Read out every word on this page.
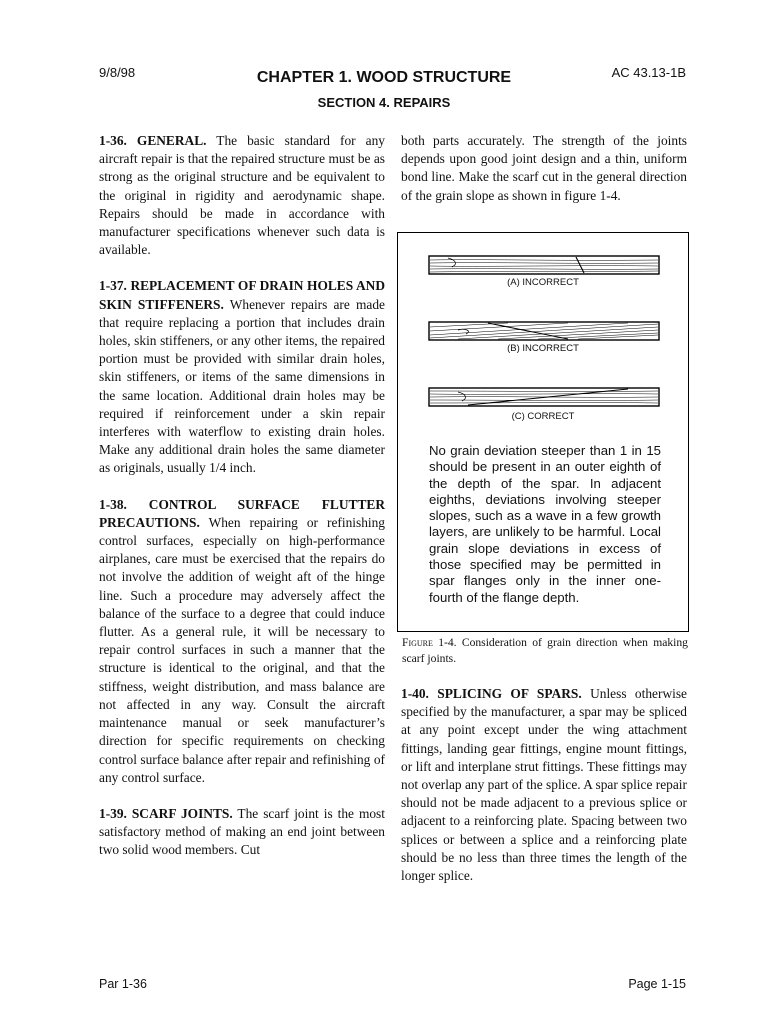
9/8/98	CHAPTER 1. WOOD STRUCTURE	AC 43.13-1B
SECTION 4. REPAIRS

1-36. GENERAL. The basic standard for any aircraft repair is that the repaired structure must be as strong as the original structure and be equivalent to the original in rigidity and aerodynamic shape. Repairs should be made in accordance with manufacturer specifications whenever such data is available.

1-37. REPLACEMENT OF DRAIN HOLES AND SKIN STIFFENERS. Whenever repairs are made that require replacing a portion that includes drain holes, skin stiffeners, or any other items, the repaired portion must be provided with similar drain holes, skin stiffeners, or items of the same dimensions in the same location. Additional drain holes may be required if reinforcement under a skin repair interferes with waterflow to existing drain holes. Make any additional drain holes the same diameter as originals, usually 1/4 inch.

1-38. CONTROL SURFACE FLUTTER PRECAUTIONS. When repairing or refinishing control surfaces, especially on high-performance airplanes, care must be exercised that the repairs do not involve the addition of weight aft of the hinge line. Such a procedure may adversely affect the balance of the surface to a degree that could induce flutter. As a general rule, it will be necessary to repair control surfaces in such a manner that the structure is identical to the original, and that the stiffness, weight distribution, and mass balance are not affected in any way. Consult the aircraft maintenance manual or seek manufacturer’s direction for specific requirements on checking control surface balance after repair and refinishing of any control surface.

1-39. SCARF JOINTS. The scarf joint is the most satisfactory method of making an end joint between two solid wood members. Cut

both parts accurately. The strength of the joints depends upon good joint design and a thin, uniform bond line. Make the scarf cut in the general direction of the grain slope as shown in figure 1-4.

(A) INCORRECT
(B) INCORRECT
(C) CORRECT
No grain deviation steeper than 1 in 15 should be present in an outer eighth of the depth of the spar. In adjacent eighths, deviations involving steeper slopes, such as a wave in a few growth layers, are unlikely to be harmful. Local grain slope deviations in excess of those specified may be permitted in spar flanges only in the inner one-fourth of the flange depth.
Figure 1-4. Consideration of grain direction when making scarf joints.

1-40. SPLICING OF SPARS. Unless otherwise specified by the manufacturer, a spar may be spliced at any point except under the wing attachment fittings, landing gear fittings, engine mount fittings, or lift and interplane strut fittings. These fittings may not overlap any part of the splice. A spar splice repair should not be made adjacent to a previous splice or adjacent to a reinforcing plate. Spacing between two splices or between a splice and a reinforcing plate should be no less than three times the length of the longer splice.

Par 1-36	Page 1-15
